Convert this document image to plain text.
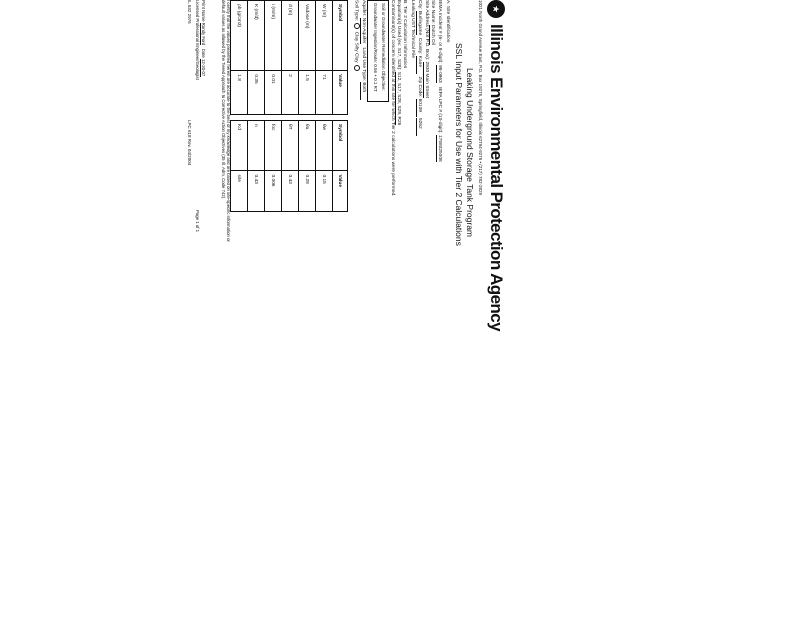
★
Illinois Environmental Protection Agency
1021 North Grand Avenue East, P.O. Box 19276, Springfield, Illinois 62794-9276 • (217) 782-2829
Leaking Underground Storage Tank Program
SSL Input Parameters for Use with Tier 2 Calculations
A. Site Identification
IEMA Incident # (6- or 8-digit): 98-0963   IEPA LPC # (10-digit): 1758025008
Site Name: Dutch Oil
Site Address (Not P.O. Box): 2930 Main Street
City: Burlingame  County: Kane  Zip Code: 60109 5262
Leaking UST Technical File
B. Tier 2 Calculation Information
Equation(s) Used (ex: S17, S28): S12, S17, S28, S29, R26
Contaminant(s) of concern identified at this site for which Tier 2 calculations were performed.
Soil or Groundwater Remediation Objective:
Groundwater Ingestion/Route: 0.56 + 0.1 RT
Aquifer: Non-Aquifer   Land Use Type: Both
Soil Type:  Clay Silty Clay
Symbol	Value
W (m)	71
Vadose (m)	1.5
d (m)	2
i (m/m)	0.01
K (m/d)	0.35
ρb (g/cm3)	1.8
Symbol	Value
θw	0.15
θa	0.28
θT	0.43
foc	0.006
n	0.43
Kd	site
I certify that the values presented herein are accurate to the best of my knowledge and are based on site-specific information or default values as allowed by the Tiered Approach to Corrective Action Objectives (35 Ill. Adm. Code 742).
Print Name Randy Ford   Date 12-20-07
Licensed Professional Engineer/Geologist
Page 1 of 1
IL 532 2976
LPC 618 Rev. 04/2004
